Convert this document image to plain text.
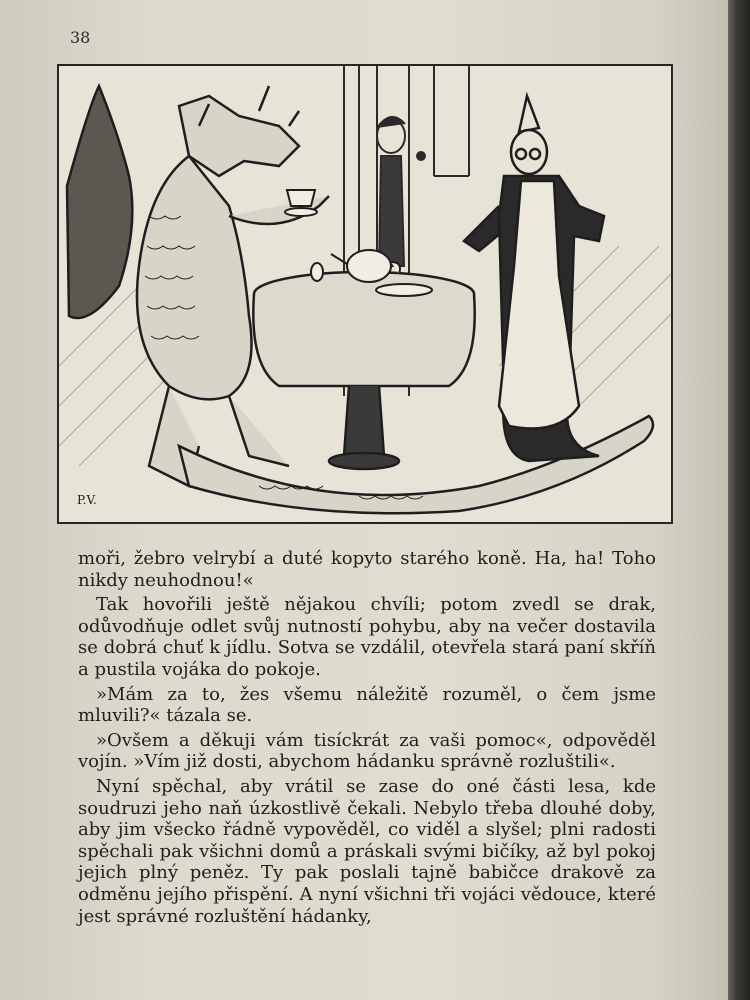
38
P.V.

moři, žebro velrybí a duté kopyto starého koně. Ha, ha! Toho nikdy neuhodnou!«

Tak hovořili ještě nějakou chvíli; potom zvedl se drak, odůvodňuje odlet svůj nutností pohybu, aby na večer dostavila se dobrá chuť k jídlu. Sotva se vzdálil, otevřela stará paní skříň a pustila vojáka do pokoje.

»Mám za to, žes všemu náležitě rozuměl, o čem jsme mluvili?« tázala se.

»Ovšem a děkuji vám tisíckrát za vaši pomoc«, odpověděl vojín. »Vím již dosti, abychom hádanku správně rozluštili«.

Nyní spěchal, aby vrátil se zase do oné části lesa, kde soudruzi jeho naň úzkostlivě čekali. Nebylo třeba dlouhé doby, aby jim všecko řádně vypověděl, co viděl a slyšel; plni radosti spěchali pak všichni domů a práskali svými bičíky, až byl pokoj jejich plný peněz. Ty pak poslali tajně babičce drakově za odměnu jejího přispění. A nyní všichni tři vojáci vědouce, které jest správné rozluštění hádanky,
